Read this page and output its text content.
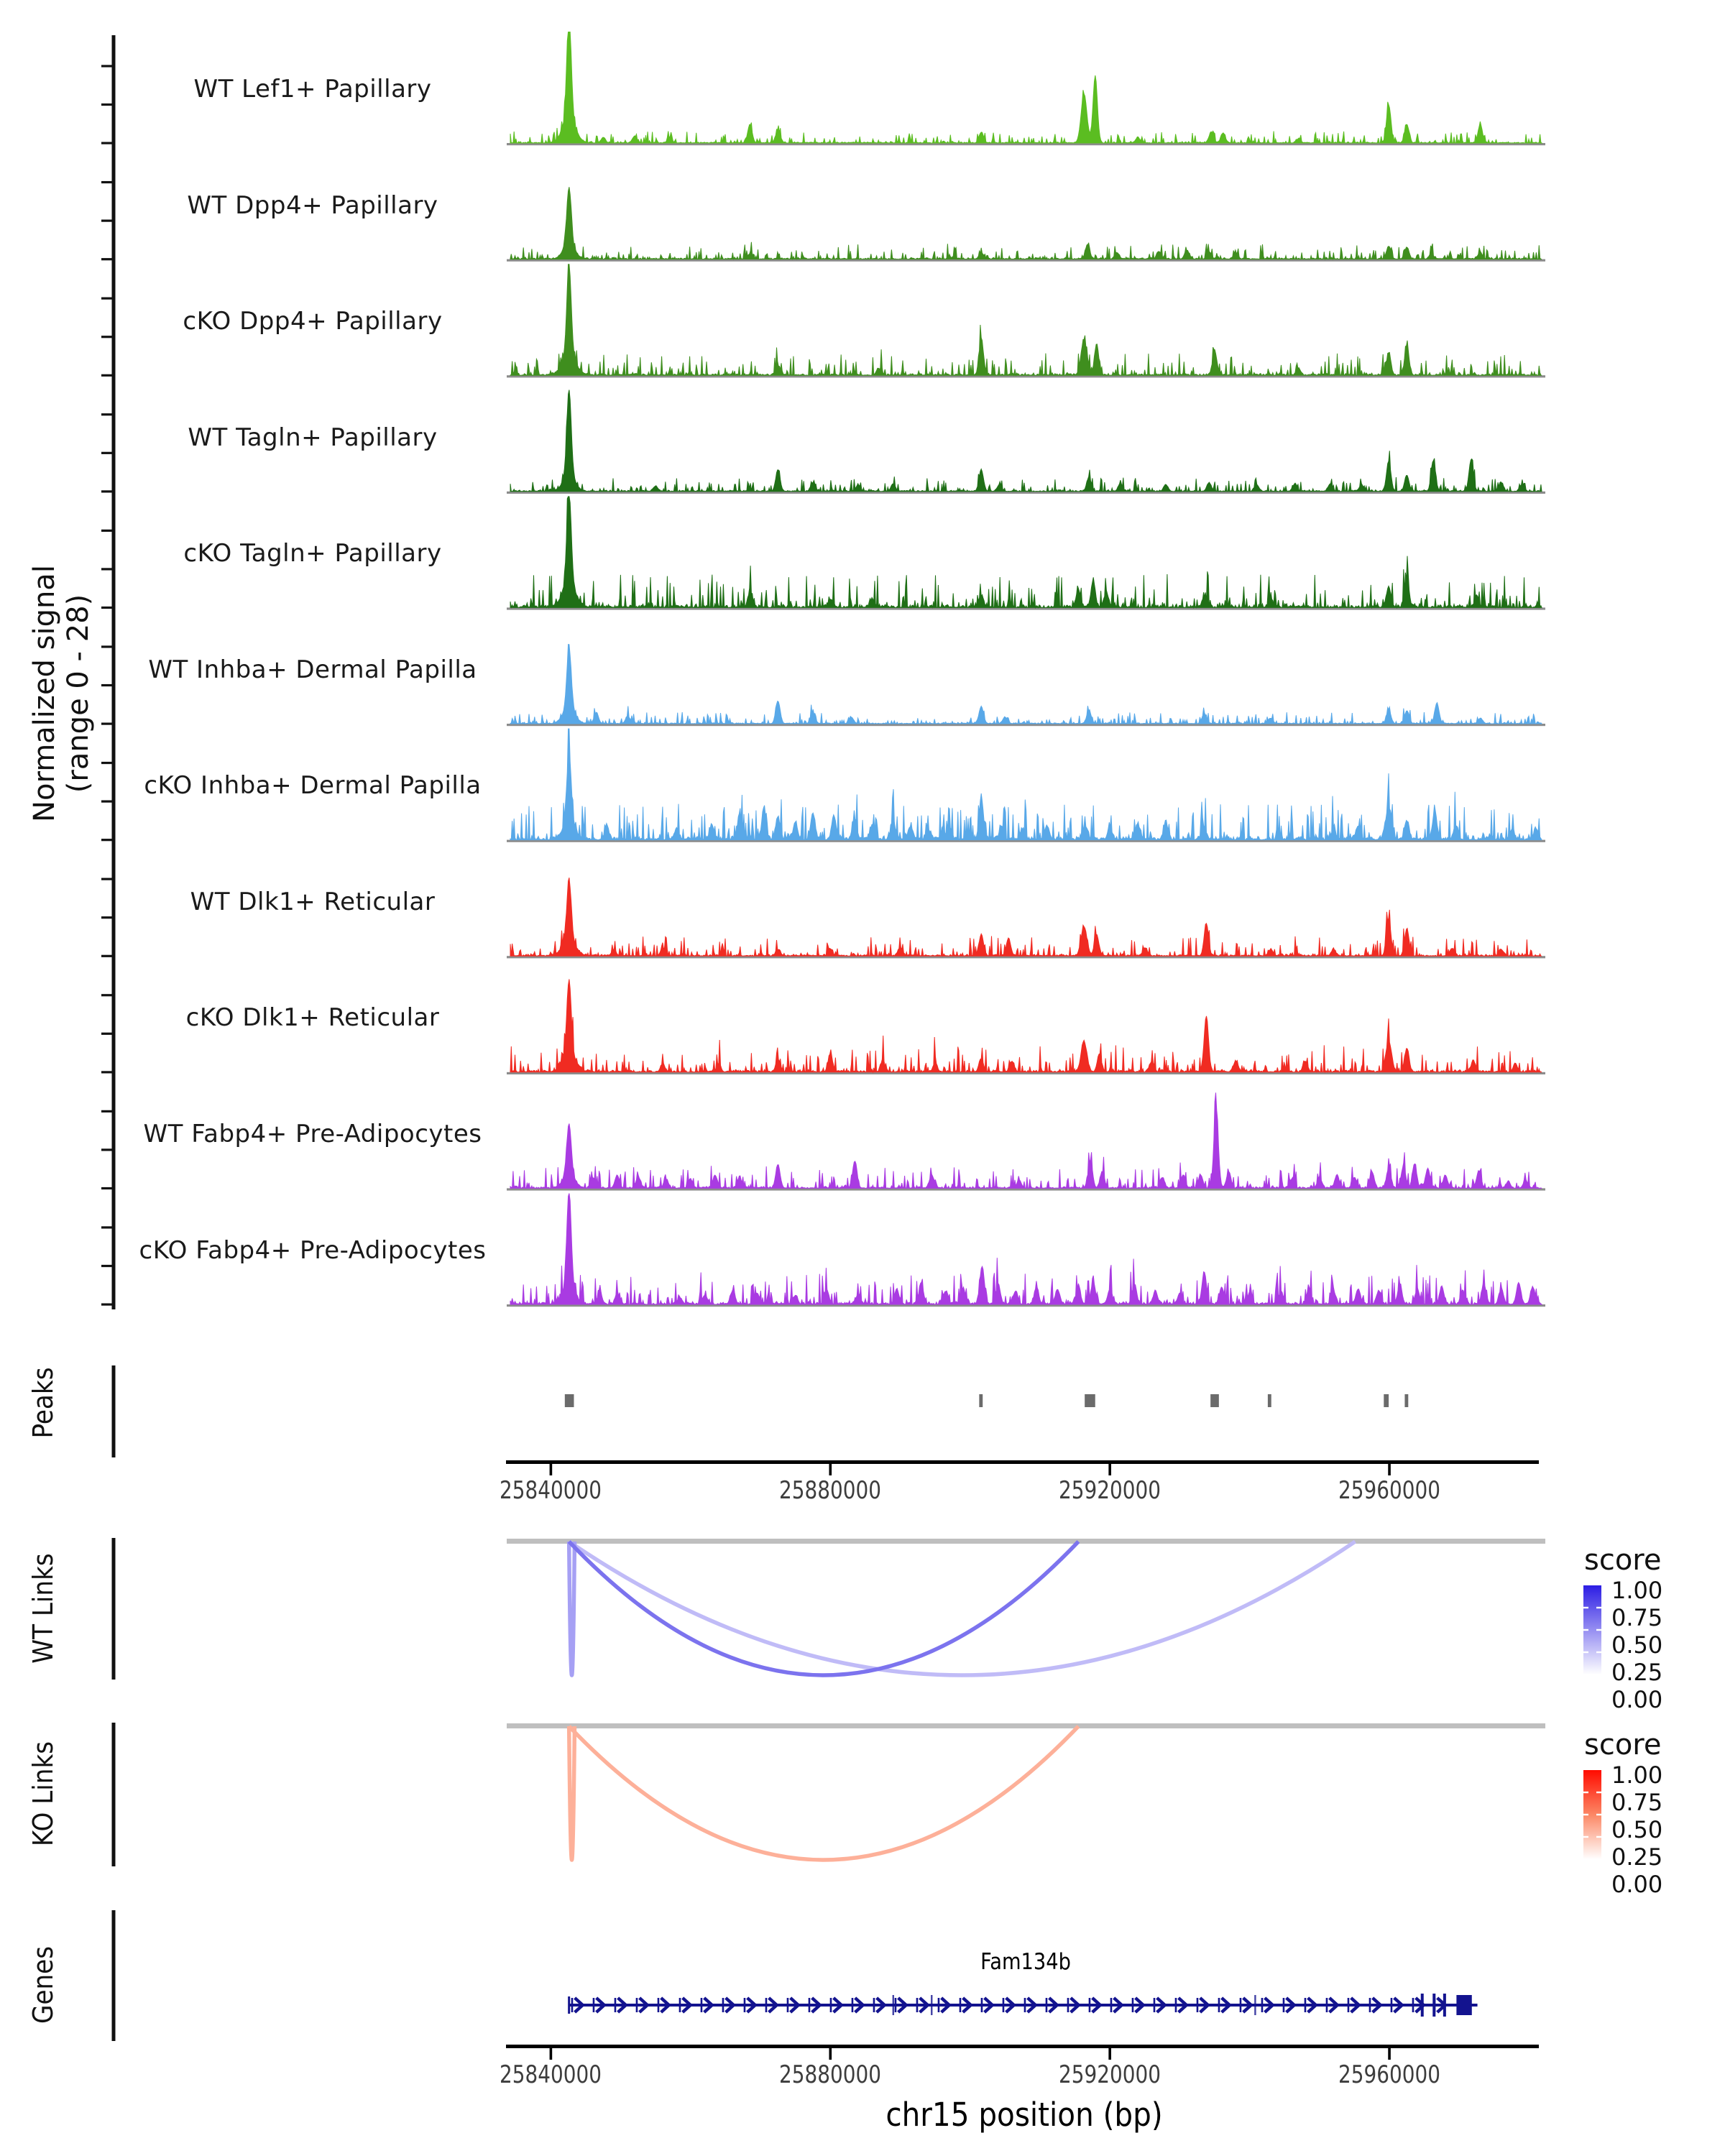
Normalized signal (range 0 - 28)
Peaks
WT Links
KO Links
Genes
WT Lef1+ Papillary
WT Dpp4+ Papillary
cKO Dpp4+ Papillary
WT Tagln+ Papillary
cKO Tagln+ Papillary
WT Inhba+ Dermal Papilla
cKO Inhba+ Dermal Papilla
WT Dlk1+ Reticular
cKO Dlk1+ Reticular
WT Fabp4+ Pre-Adipocytes
cKO Fabp4+ Pre-Adipocytes
score
1.00
0.75
0.50
0.25
0.00
score
1.00
0.75
0.50
0.25
0.00
Fam134b
chr15 position (bp)
25840000	25880000	25920000	25960000
25840000	25880000	25920000	25960000
